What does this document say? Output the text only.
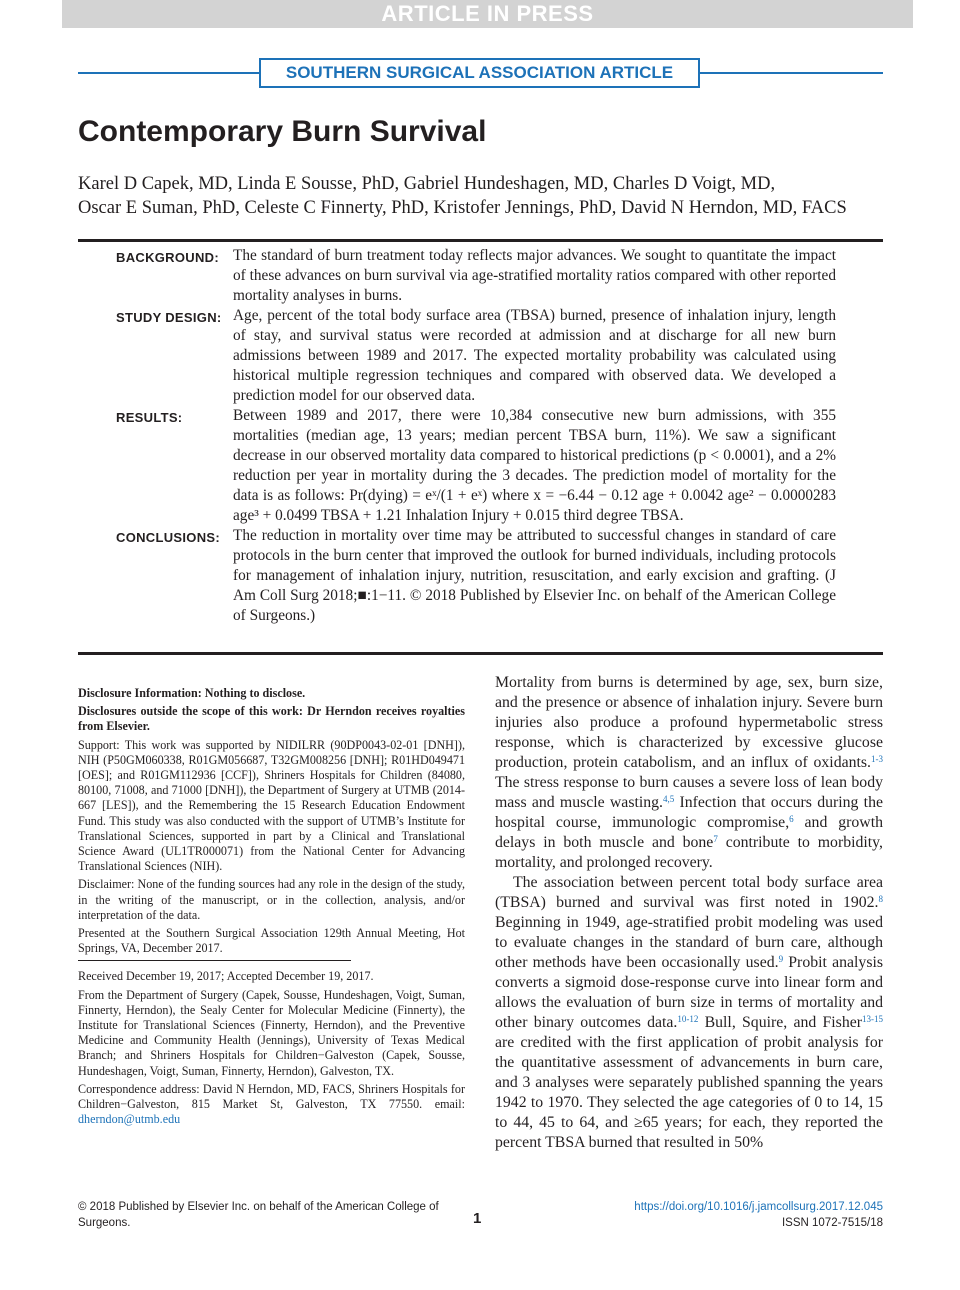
ARTICLE IN PRESS
SOUTHERN SURGICAL ASSOCIATION ARTICLE
Contemporary Burn Survival
Karel D Capek, MD, Linda E Sousse, PhD, Gabriel Hundeshagen, MD, Charles D Voigt, MD,
Oscar E Suman, PhD, Celeste C Finnerty, PhD, Kristofer Jennings, PhD, David N Herndon, MD, FACS
BACKGROUND: The standard of burn treatment today reflects major advances. We sought to quantitate the impact of these advances on burn survival via age-stratified mortality ratios compared with other reported mortality analyses in burns.
STUDY DESIGN: Age, percent of the total body surface area (TBSA) burned, presence of inhalation injury, length of stay, and survival status were recorded at admission and at discharge for all new burn admissions between 1989 and 2017. The expected mortality probability was calculated using historical multiple regression techniques and compared with observed data. We developed a prediction model for our observed data.
RESULTS:	Between 1989 and 2017, there were 10,384 consecutive new burn admissions, with 355 mortalities (median age, 13 years; median percent TBSA burn, 11%). We saw a significant decrease in our observed mortality data compared to historical predictions (p < 0.0001), and a 2% reduction per year in mortality during the 3 decades. The prediction model of mortality for the data is as follows: Pr(dying) = eˣ/(1 + eˣ) where x = −6.44 − 0.12 age + 0.0042 age² − 0.0000283 age³ + 0.0499 TBSA + 1.21 Inhalation Injury + 0.015 third degree TBSA.
CONCLUSIONS: The reduction in mortality over time may be attributed to successful changes in standard of care protocols in the burn center that improved the outlook for burned individuals, including protocols for management of inhalation injury, nutrition, resuscitation, and early excision and grafting. (J Am Coll Surg 2018;■:1−11. © 2018 Published by Elsevier Inc. on behalf of the American College of Surgeons.)

Disclosure Information: Nothing to disclose.

Disclosures outside the scope of this work: Dr Herndon receives royalties from Elsevier.

Support: This work was supported by NIDILRR (90DP0043-02-01 [DNH]), NIH (P50GM060338, R01GM056687, T32GM008256 [DNH]; R01HD049471 [OES]; and R01GM112936 [CCF]), Shriners Hospitals for Children (84080, 80100, 71008, and 71000 [DNH]), the Department of Surgery at UTMB (2014-667 [LES]), and the Remembering the 15 Research Education Endowment Fund. This study was also conducted with the support of UTMB’s Institute for Translational Sciences, supported in part by a Clinical and Translational Science Award (UL1TR000071) from the National Center for Advancing Translational Sciences (NIH).

Disclaimer: None of the funding sources had any role in the design of the study, in the writing of the manuscript, or in the collection, analysis, and/or interpretation of the data.

Presented at the Southern Surgical Association 129th Annual Meeting, Hot Springs, VA, December 2017.

Received December 19, 2017; Accepted December 19, 2017.

From the Department of Surgery (Capek, Sousse, Hundeshagen, Voigt, Suman, Finnerty, Herndon), the Sealy Center for Molecular Medicine (Finnerty), the Institute for Translational Sciences (Finnerty, Herndon), and the Preventive Medicine and Community Health (Jennings), University of Texas Medical Branch; and Shriners Hospitals for Children−Galveston (Capek, Sousse, Hundeshagen, Voigt, Suman, Finnerty, Herndon), Galveston, TX.

Correspondence address: David N Herndon, MD, FACS, Shriners Hospitals for Children−Galveston, 815 Market St, Galveston, TX 77550. email: dherndon@utmb.edu

Mortality from burns is determined by age, sex, burn size, and the presence or absence of inhalation injury. Severe burn injuries also produce a profound hypermetabolic stress response, which is characterized by excessive glucose production, protein catabolism, and an influx of oxidants.$^{1-3}$ The stress response to burn causes a severe loss of lean body mass and muscle wasting.$^{4,5}$ Infection that occurs during the hospital course, immunologic compromise,$^6$ and growth delays in both muscle and bone$^7$ contribute to morbidity, mortality, and prolonged recovery.

The association between percent total body surface area (TBSA) burned and survival was first noted in 1902.$^8$ Beginning in 1949, age-stratified probit modeling was used to evaluate changes in the standard of burn care, although other methods have been occasionally used.$^9$ Probit analysis converts a sigmoid dose-response curve into linear form and allows the evaluation of burn size in terms of mortality and other binary outcomes data.$^{10-12}$ Bull, Squire, and Fisher$^{13-15}$ are credited with the first application of probit analysis for the quantitative assessment of advancements in burn care, and 3 analyses were separately published spanning the years 1942 to 1970. They selected the age categories of 0 to 14, 15 to 44, 45 to 64, and ≥65 years; for each, they reported the percent TBSA burned that resulted in 50%

© 2018 Published by Elsevier Inc. on behalf of the American College of Surgeons.	1
https://doi.org/10.1016/j.jamcollsurg.2017.12.045
ISSN 1072-7515/18
